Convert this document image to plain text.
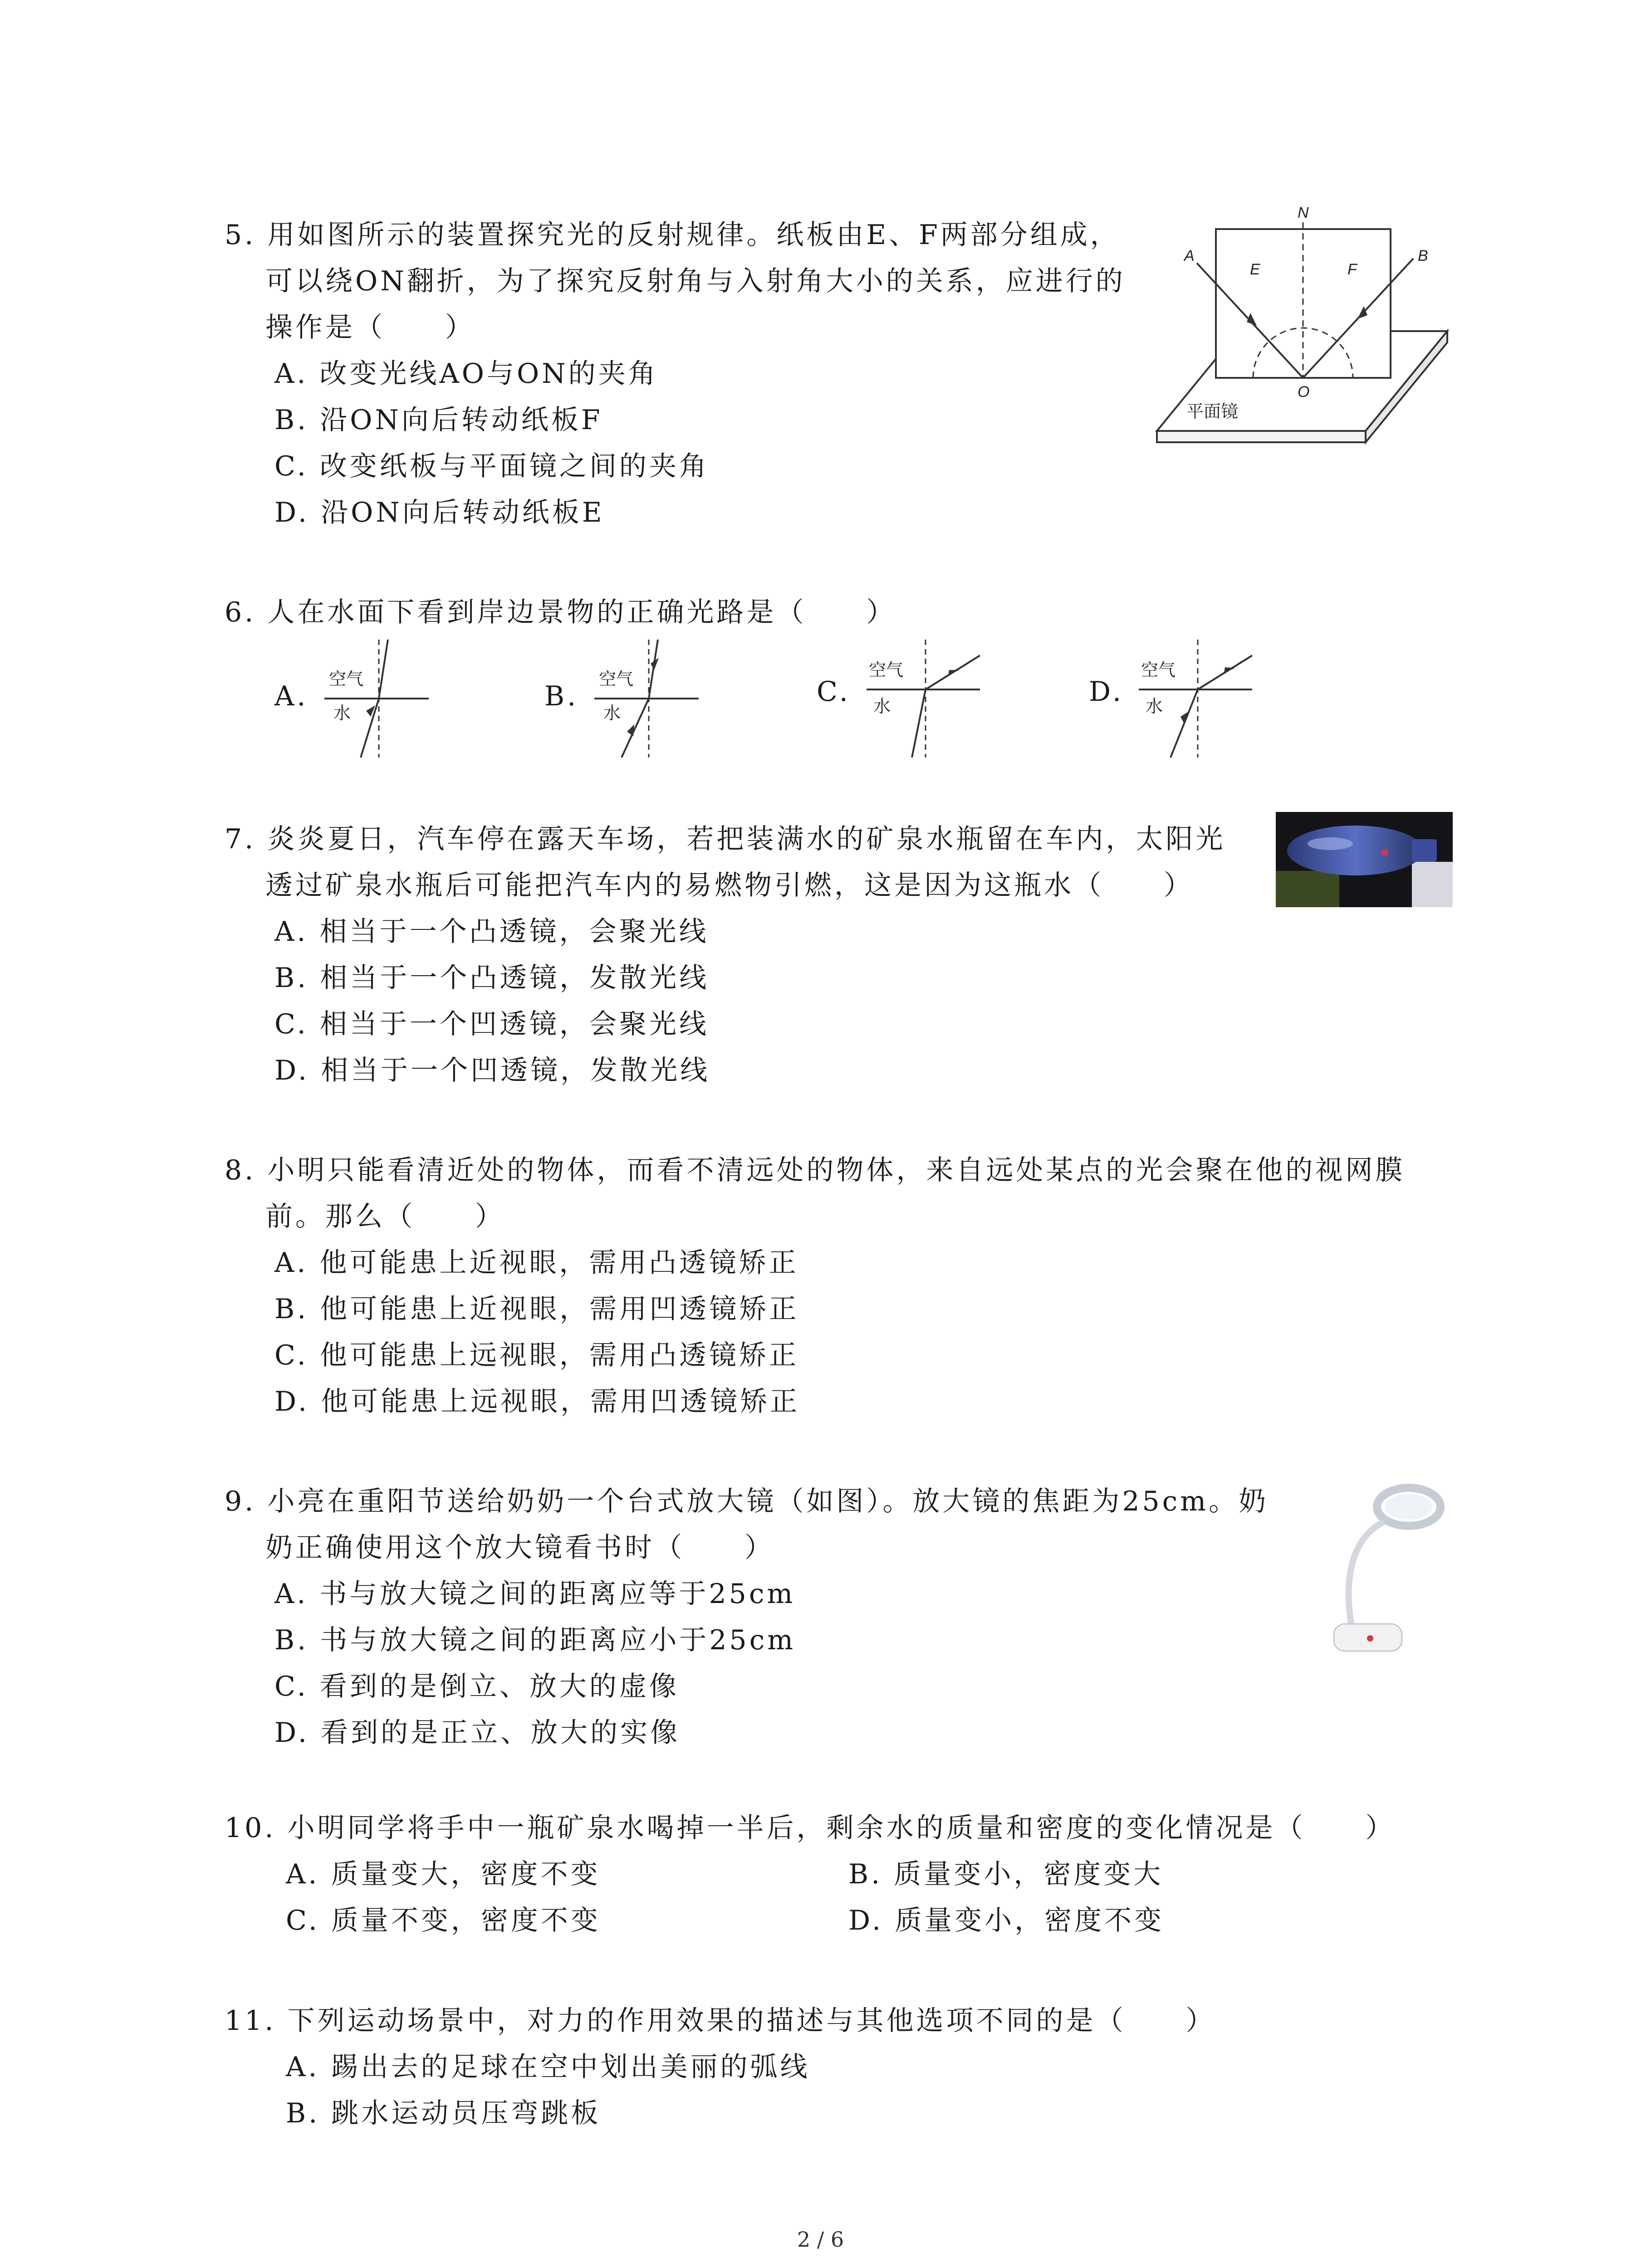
5. 用如图所示的装置探究光的反射规律。纸板由E、F两部分组成，
可以绕ON翻折，为了探究反射角与入射角大小的关系，应进行的
操作是（　　）
A. 改变光线AO与ON的夹角
B. 沿ON向后转动纸板F
C. 改变纸板与平面镜之间的夹角
D. 沿ON向后转动纸板E
N
A	B
E	F
O
平面镜
6. 人在水面下看到岸边景物的正确光路是（　　）
A.
空气
水
B.
空气
水
C.
空气
水	D.
空气
水
7. 炎炎夏日，汽车停在露天车场，若把装满水的矿泉水瓶留在车内，太阳光
透过矿泉水瓶后可能把汽车内的易燃物引燃，这是因为这瓶水（　　）
A. 相当于一个凸透镜，会聚光线
B. 相当于一个凸透镜，发散光线
C. 相当于一个凹透镜，会聚光线
D. 相当于一个凹透镜，发散光线
8. 小明只能看清近处的物体，而看不清远处的物体，来自远处某点的光会聚在他的视网膜
前。那么（　　）
A. 他可能患上近视眼，需用凸透镜矫正
B. 他可能患上近视眼，需用凹透镜矫正
C. 他可能患上远视眼，需用凸透镜矫正
D. 他可能患上远视眼，需用凹透镜矫正
9. 小亮在重阳节送给奶奶一个台式放大镜（如图）。放大镜的焦距为25cm。奶
奶正确使用这个放大镜看书时（　　）
A. 书与放大镜之间的距离应等于25cm
B. 书与放大镜之间的距离应小于25cm
C. 看到的是倒立、放大的虚像
D. 看到的是正立、放大的实像
10. 小明同学将手中一瓶矿泉水喝掉一半后，剩余水的质量和密度的变化情况是（　　）
A. 质量变大，密度不变	B. 质量变小，密度变大
C. 质量不变，密度不变	D. 质量变小，密度不变
11. 下列运动场景中，对力的作用效果的描述与其他选项不同的是（　　）
A. 踢出去的足球在空中划出美丽的弧线
B. 跳水运动员压弯跳板
2 / 6
